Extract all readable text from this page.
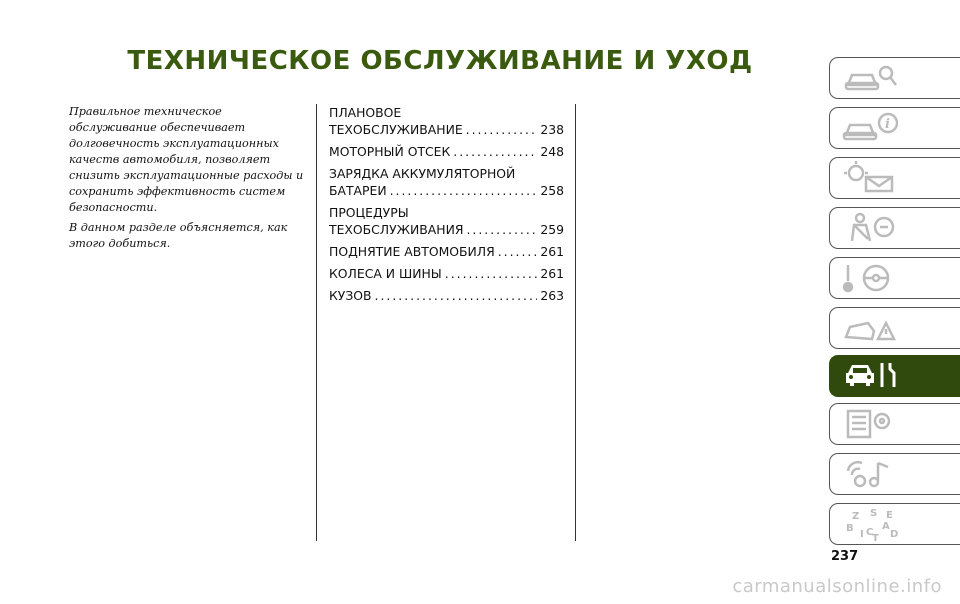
ТЕХНИЧЕСКОЕ ОБСЛУЖИВАНИЕ И УХОД

Правильное техническое обслуживание обеспечивает долговечность эксплуатационных качеств автомобиля, позволяет снизить эксплуатационные расходы и сохранить эффективность систем безопасности.

В данном разделе объясняется, как этого добиться.

ПЛАНОВОЕ
ТЕХОБСЛУЖИВАНИЕ .....	238
МОТОРНЫЙ ОТСЕК .....	248
ЗАРЯДКА АККУМУЛЯТОРНОЙ
БАТАРЕИ .....	258
ПРОЦЕДУРЫ
ТЕХОБСЛУЖИВАНИЯ .....	259
ПОДНЯТИЕ АВТОМОБИЛЯ .....	261
КОЛЕСА И ШИНЫ .....	261
КУЗОВ .....	263
i
Z S E
B	A
I C
T D
237
carmanualsonline.info
